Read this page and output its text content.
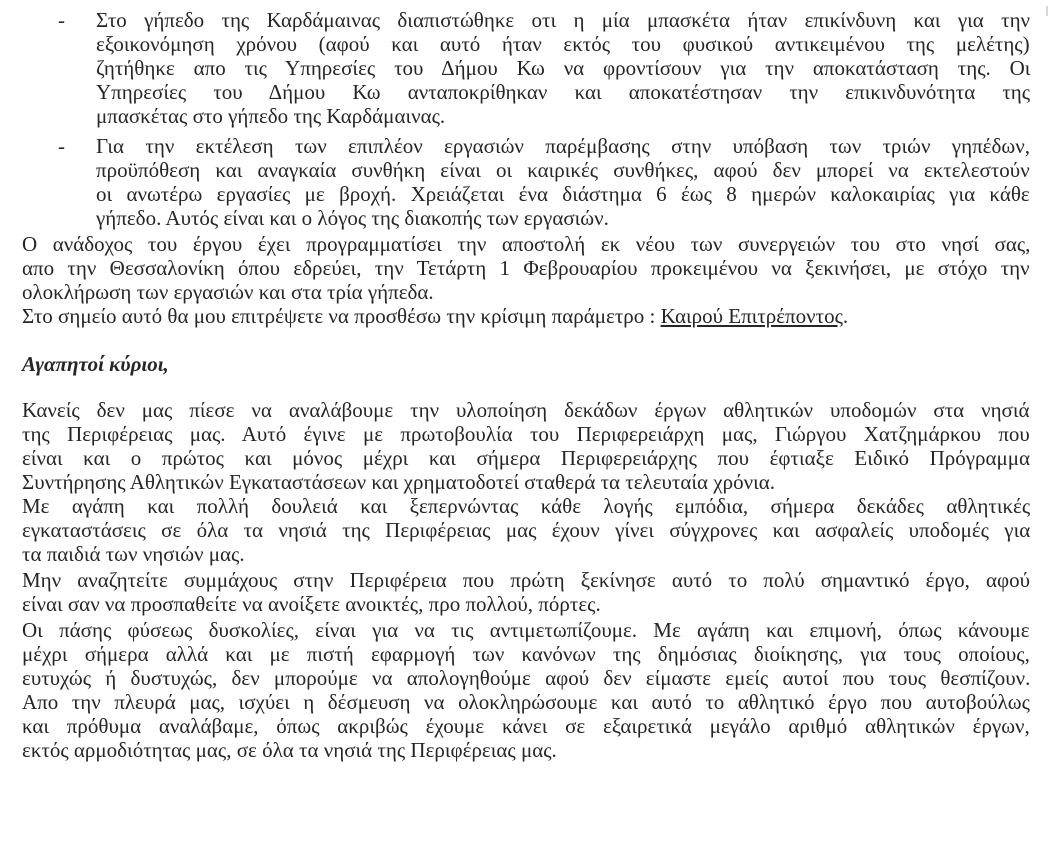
- Στο γήπεδο της Καρδάμαινας διαπιστώθηκε οτι η μία μπασκέτα ήταν επικίνδυνη και για την
εξοικονόμηση χρόνου (αφού και αυτό ήταν εκτός του φυσικού αντικειμένου της μελέτης)
ζητήθηκε απο τις Υπηρεσίες του Δήμου Κω να φροντίσουν για την αποκατάσταση της. Οι
Υπηρεσίες του Δήμου Κω ανταποκρίθηκαν και αποκατέστησαν την επικινδυνότητα της
μπασκέτας στο γήπεδο της Καρδάμαινας.
- Για την εκτέλεση των επιπλέον εργασιών παρέμβασης στην υπόβαση των τριών γηπέδων,
προϋπόθεση και αναγκαία συνθήκη είναι οι καιρικές συνθήκες, αφού δεν μπορεί να εκτελεστούν
οι ανωτέρω εργασίες με βροχή. Χρειάζεται ένα διάστημα 6 έως 8 ημερών καλοκαιρίας για κάθε
γήπεδο. Αυτός είναι και ο λόγος της διακοπής των εργασιών.
Ο ανάδοχος του έργου έχει προγραμματίσει την αποστολή εκ νέου των συνεργειών του στο νησί σας,
απο την Θεσσαλονίκη όπου εδρεύει, την Τετάρτη 1 Φεβρουαρίου προκειμένου να ξεκινήσει, με στόχο την
ολοκλήρωση των εργασιών και στα τρία γήπεδα.
Στο σημείο αυτό θα μου επιτρέψετε να προσθέσω την κρίσιμη παράμετρο : Καιρού Επιτρέποντος.
Αγαπητοί κύριοι,
Κανείς δεν μας πίεσε να αναλάβουμε την υλοποίηση δεκάδων έργων αθλητικών υποδομών στα νησιά
της Περιφέρειας μας. Αυτό έγινε με πρωτοβουλία του Περιφερειάρχη μας, Γιώργου Χατζημάρκου που
είναι και ο πρώτος και μόνος μέχρι και σήμερα Περιφερειάρχης που έφτιαξε Ειδικό Πρόγραμμα
Συντήρησης Αθλητικών Εγκαταστάσεων και χρηματοδοτεί σταθερά τα τελευταία χρόνια.
Με αγάπη και πολλή δουλειά και ξεπερνώντας κάθε λογής εμπόδια, σήμερα δεκάδες αθλητικές
εγκαταστάσεις σε όλα τα νησιά της Περιφέρειας μας έχουν γίνει σύγχρονες και ασφαλείς υποδομές για
τα παιδιά των νησιών μας.
Μην αναζητείτε συμμάχους στην Περιφέρεια που πρώτη ξεκίνησε αυτό το πολύ σημαντικό έργο, αφού
είναι σαν να προσπαθείτε να ανοίξετε ανοικτές, προ πολλού, πόρτες.
Οι πάσης φύσεως δυσκολίες, είναι για να τις αντιμετωπίζουμε. Με αγάπη και επιμονή, όπως κάνουμε
μέχρι σήμερα αλλά και με πιστή εφαρμογή των κανόνων της δημόσιας διοίκησης, για τους οποίους,
ευτυχώς ή δυστυχώς, δεν μπορούμε να απολογηθούμε αφού δεν είμαστε εμείς αυτοί που τους θεσπίζουν.
Απο την πλευρά μας, ισχύει η δέσμευση να ολοκληρώσουμε και αυτό το αθλητικό έργο που αυτοβούλως
και πρόθυμα αναλάβαμε, όπως ακριβώς έχουμε κάνει σε εξαιρετικά μεγάλο αριθμό αθλητικών έργων,
εκτός αρμοδιότητας μας, σε όλα τα νησιά της Περιφέρειας μας.
